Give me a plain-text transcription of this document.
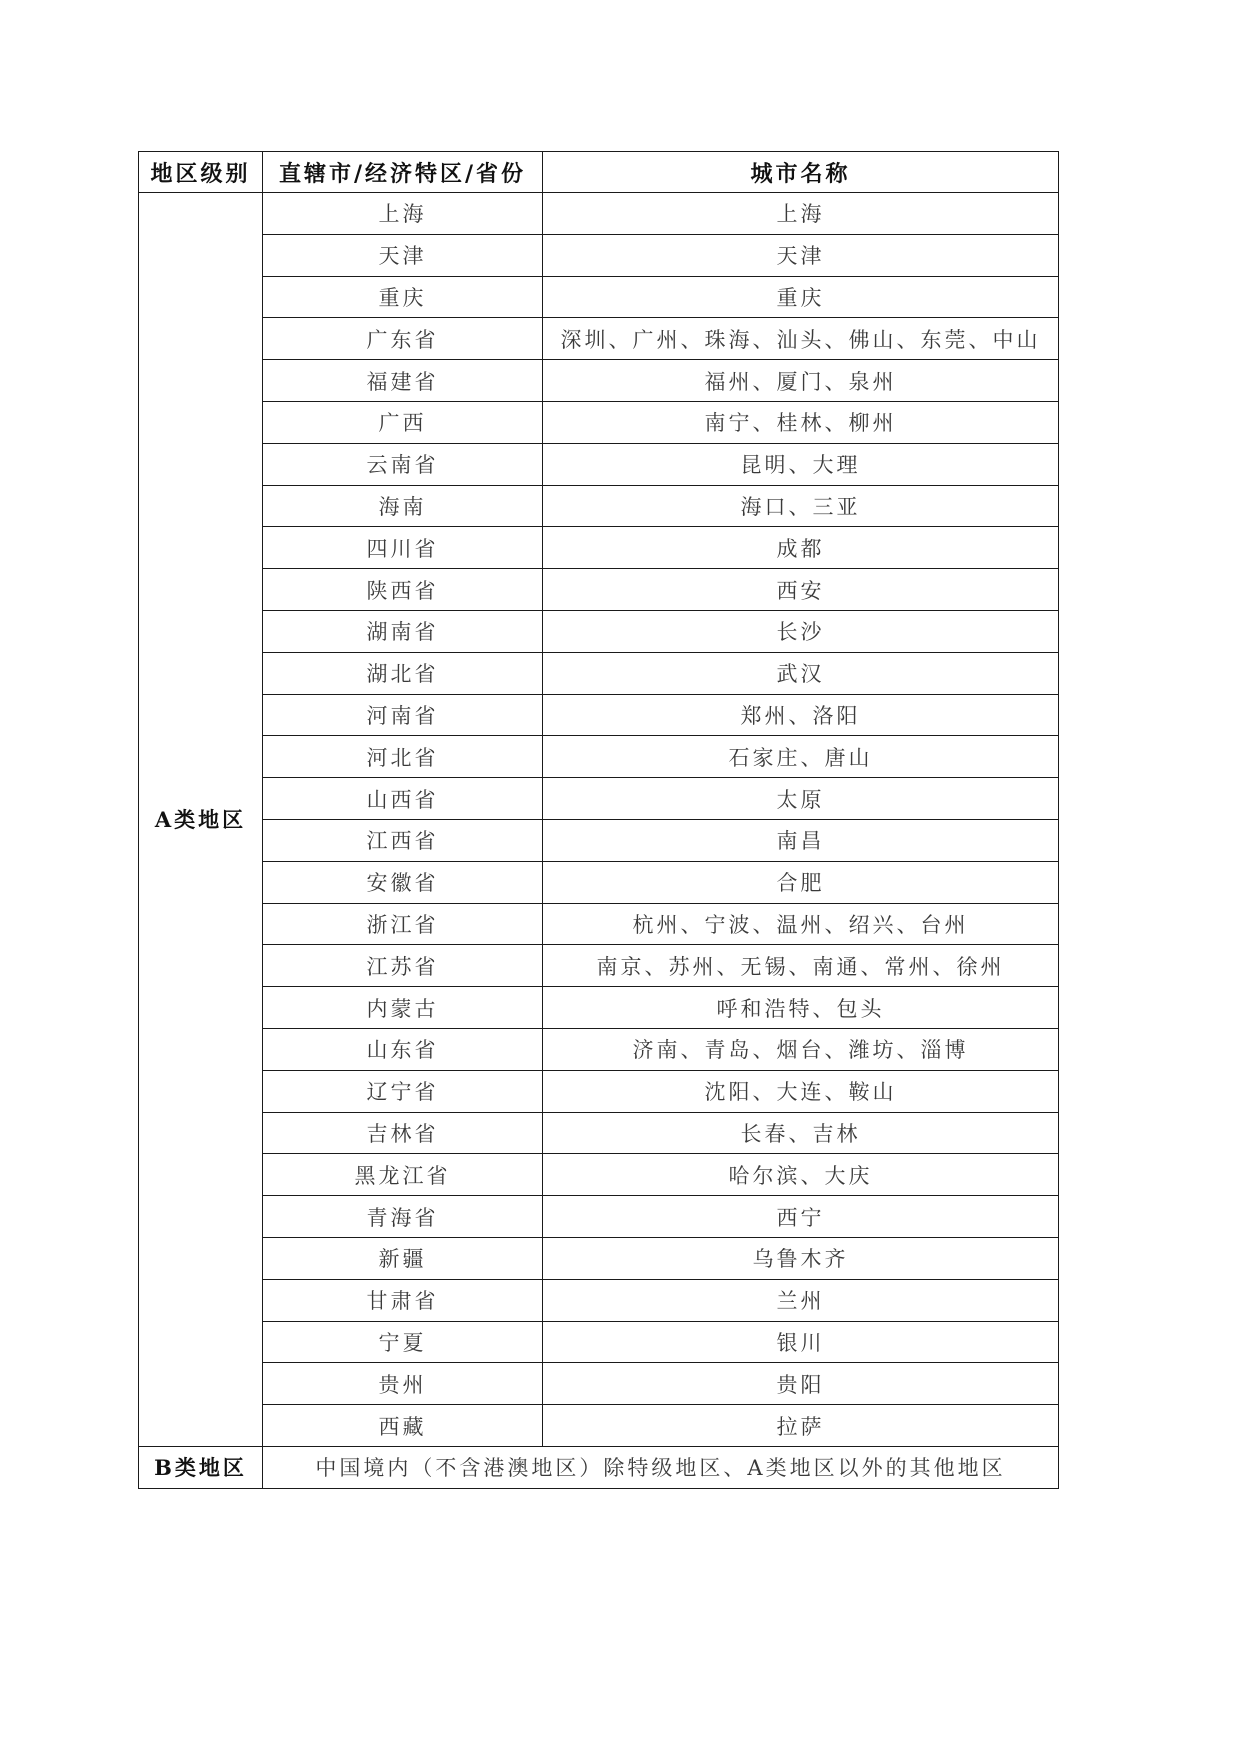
地区级别	直辖市/经济特区/省份	城市名称
A类地区	上海	上海
	天津	天津
	重庆	重庆
	广东省	深圳、广州、珠海、汕头、佛山、东莞、中山
	福建省	福州、厦门、泉州
	广西	南宁、桂林、柳州
	云南省	昆明、大理
	海南	海口、三亚
	四川省	成都
	陕西省	西安
	湖南省	长沙
	湖北省	武汉
	河南省	郑州、洛阳
	河北省	石家庄、唐山
	山西省	太原
	江西省	南昌
	安徽省	合肥
	浙江省	杭州、宁波、温州、绍兴、台州
	江苏省	南京、苏州、无锡、南通、常州、徐州
	内蒙古	呼和浩特、包头
	山东省	济南、青岛、烟台、潍坊、淄博
	辽宁省	沈阳、大连、鞍山
	吉林省	长春、吉林
	黑龙江省	哈尔滨、大庆
	青海省	西宁
	新疆	乌鲁木齐
	甘肃省	兰州
	宁夏	银川
	贵州	贵阳
	西藏	拉萨
B类地区	中国境内（不含港澳地区）除特级地区、A类地区以外的其他地区	
